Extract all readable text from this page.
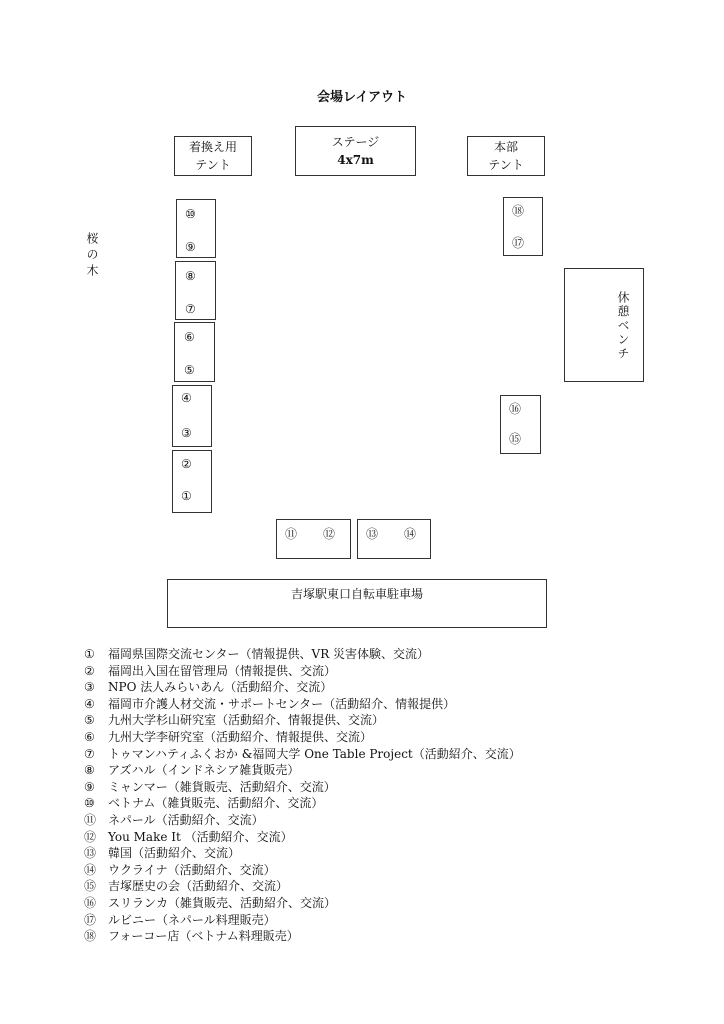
会場レイアウト
着換え用
テント
ステージ
4x7m
本部
テント
桜の木
休憩ベンチ
⑩
⑨
⑧
⑦
⑥
⑤
④
③
②
①
⑱
⑰
⑯
⑮
⑪ ⑫	⑬ ⑭
吉塚駅東口自転車駐車場
① 福岡県国際交流センター（情報提供、VR 災害体験、交流）
② 福岡出入国在留管理局（情報提供、交流）
③ NPO 法人みらいあん（活動紹介、交流）
④ 福岡市介護人材交流・サポートセンター（活動紹介、情報提供）
⑤ 九州大学杉山研究室（活動紹介、情報提供、交流）
⑥ 九州大学李研究室（活動紹介、情報提供、交流）
⑦ トゥマンハティふくおか &福岡大学 One Table Project（活動紹介、交流）
⑧ アズハル（インドネシア雑貨販売）
⑨ ミャンマー（雑貨販売、活動紹介、交流）
⑩ ベトナム（雑貨販売、活動紹介、交流）
⑪ ネパール（活動紹介、交流）
⑫ You Make It （活動紹介、交流）
⑬ 韓国（活動紹介、交流）
⑭ ウクライナ（活動紹介、交流）
⑮ 吉塚歴史の会（活動紹介、交流）
⑯ スリランカ（雑貨販売、活動紹介、交流）
⑰ ルビニー（ネパール料理販売）
⑱ フォーコー店（ベトナム料理販売）
